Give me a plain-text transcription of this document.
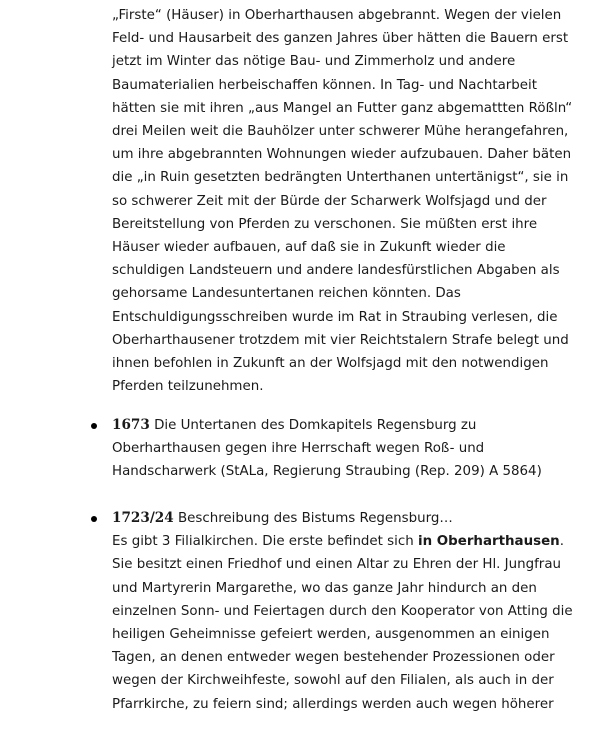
„Firste“ (Häuser) in Oberharthausen abgebrannt. Wegen der vielen
Feld- und Hausarbeit des ganzen Jahres über hätten die Bauern erst
jetzt im Winter das nötige Bau- und Zimmerholz und andere
Baumaterialien herbeischaffen können. In Tag- und Nachtarbeit
hätten sie mit ihren „aus Mangel an Futter ganz abgemattten Rößln“
drei Meilen weit die Bauhölzer unter schwerer Mühe herangefahren,
um ihre abgebrannten Wohnungen wieder aufzubauen. Daher bäten
die „in Ruin gesetzten bedrängten Unterthanen untertänigst“, sie in
so schwerer Zeit mit der Bürde der Scharwerk Wolfsjagd und der
Bereitstellung von Pferden zu verschonen. Sie müßten erst ihre
Häuser wieder aufbauen, auf daß sie in Zukunft wieder die
schuldigen Landsteuern und andere landesfürstlichen Abgaben als
gehorsame Landesuntertanen reichen könnten. Das
Entschuldigungsschreiben wurde im Rat in Straubing verlesen, die
Oberharthausener trotzdem mit vier Reichtstalern Strafe belegt und
ihnen befohlen in Zukunft an der Wolfsjagd mit den notwendigen
Pferden teilzunehmen.
1673 Die Untertanen des Domkapitels Regensburg zu
Oberharthausen gegen ihre Herrschaft wegen Roß- und
Handscharwerk (StALa, Regierung Straubing (Rep. 209) A 5864)
1723/24 Beschreibung des Bistums Regensburg…
Es gibt 3 Filialkirchen. Die erste befindet sich in Oberharthausen.
Sie besitzt einen Friedhof und einen Altar zu Ehren der Hl. Jungfrau
und Martyrerin Margarethe, wo das ganze Jahr hindurch an den
einzelnen Sonn- und Feiertagen durch den Kooperator von Atting die
heiligen Geheimnisse gefeiert werden, ausgenommen an einigen
Tagen, an denen entweder wegen bestehender Prozessionen oder
wegen der Kirchweihfeste, sowohl auf den Filialen, als auch in der
Pfarrkirche, zu feiern sind; allerdings werden auch wegen höherer
